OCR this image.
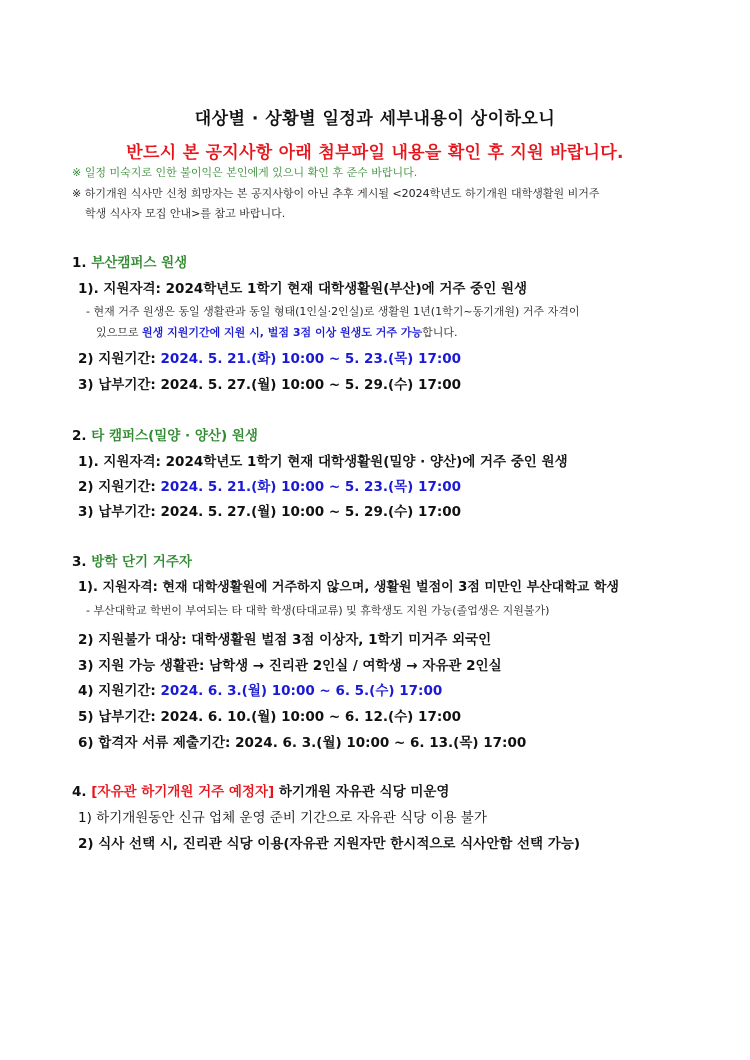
대상별 · 상황별 일정과 세부내용이 상이하오니
반드시 본 공지사항 아래 첨부파일 내용을 확인 후 지원 바랍니다.
※ 일정 미숙지로 인한 불이익은 본인에게 있으니 확인 후 준수 바랍니다.
※ 하기개원 식사만 신청 희망자는 본 공지사항이 아닌 추후 게시될 <2024학년도 하기개원 대학생활원 비거주
학생 식사자 모집 안내>를 참고 바랍니다.
1. 부산캠퍼스 원생
1). 지원자격: 2024학년도 1학기 현재 대학생활원(부산)에 거주 중인 원생
- 현재 거주 원생은 동일 생활관과 동일 형태(1인실·2인실)로 생활원 1년(1학기~동기개원) 거주 자격이
있으므로 원생 지원기간에 지원 시, 벌점 3점 이상 원생도 거주 가능합니다.
2) 지원기간: 2024. 5. 21.(화) 10:00 ~ 5. 23.(목) 17:00
3) 납부기간: 2024. 5. 27.(월) 10:00 ~ 5. 29.(수) 17:00
2. 타 캠퍼스(밀양 · 양산) 원생
1). 지원자격: 2024학년도 1학기 현재 대학생활원(밀양 · 양산)에 거주 중인 원생
2) 지원기간: 2024. 5. 21.(화) 10:00 ~ 5. 23.(목) 17:00
3) 납부기간: 2024. 5. 27.(월) 10:00 ~ 5. 29.(수) 17:00
3. 방학 단기 거주자
1). 지원자격: 현재 대학생활원에 거주하지 않으며, 생활원 벌점이 3점 미만인 부산대학교 학생
- 부산대학교 학번이 부여되는 타 대학 학생(타대교류) 및 휴학생도 지원 가능(졸업생은 지원불가)
2) 지원불가 대상: 대학생활원 벌점 3점 이상자, 1학기 미거주 외국인
3) 지원 가능 생활관: 남학생 → 진리관 2인실 / 여학생 → 자유관 2인실
4) 지원기간: 2024. 6. 3.(월) 10:00 ~ 6. 5.(수) 17:00
5) 납부기간: 2024. 6. 10.(월) 10:00 ~ 6. 12.(수) 17:00
6) 합격자 서류 제출기간: 2024. 6. 3.(월) 10:00 ~ 6. 13.(목) 17:00
4. [자유관 하기개원 거주 예정자] 하기개원 자유관 식당 미운영
1) 하기개원동안 신규 업체 운영 준비 기간으로 자유관 식당 이용 불가
2) 식사 선택 시, 진리관 식당 이용(자유관 지원자만 한시적으로 식사안함 선택 가능)
